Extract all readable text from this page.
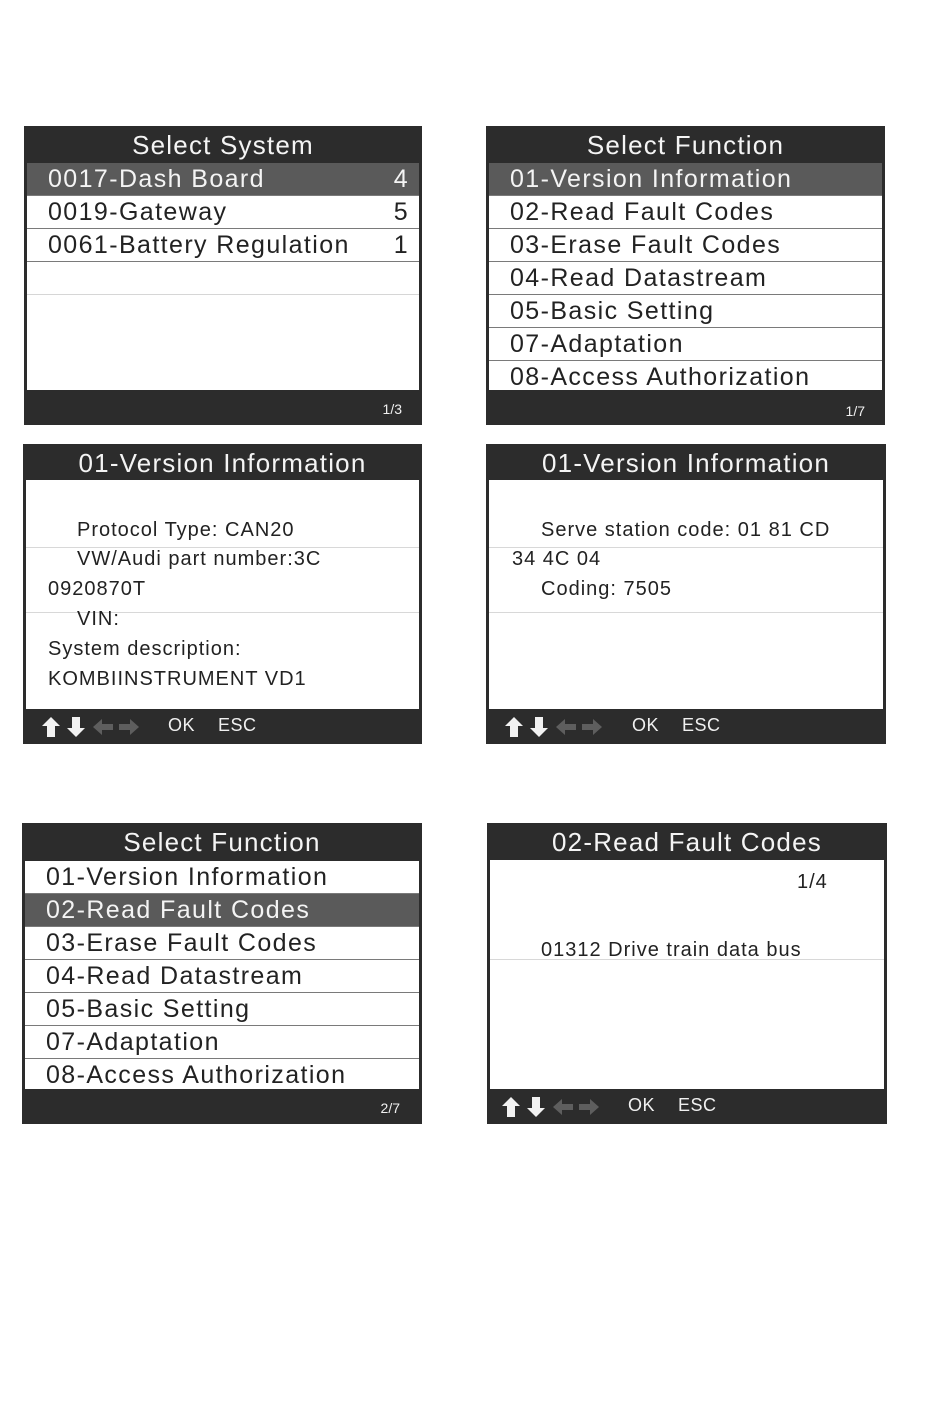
Select System
0017-Dash Board	4
0019-Gateway	5
0061-Battery Regulation 1
1/3
Select Function
01-Version Information
02-Read Fault Codes
03-Erase Fault Codes
04-Read Datastream
05-Basic Setting
07-Adaptation
08-Access Authorization
1/7
01-Version Information
Protocol Type: CAN20
VW/Audi part number:3C
0920870T
VIN:
System description:
KOMBIINSTRUMENT VD1
OK ESC
01-Version Information
Serve station code: 01 81 CD
34 4C 04
Coding: 7505
OK ESC
Select Function
01-Version Information
02-Read Fault Codes
03-Erase Fault Codes
04-Read Datastream
05-Basic Setting
07-Adaptation
08-Access Authorization
2/7
02-Read Fault Codes
1/4
01312 Drive train data bus
OK ESC
